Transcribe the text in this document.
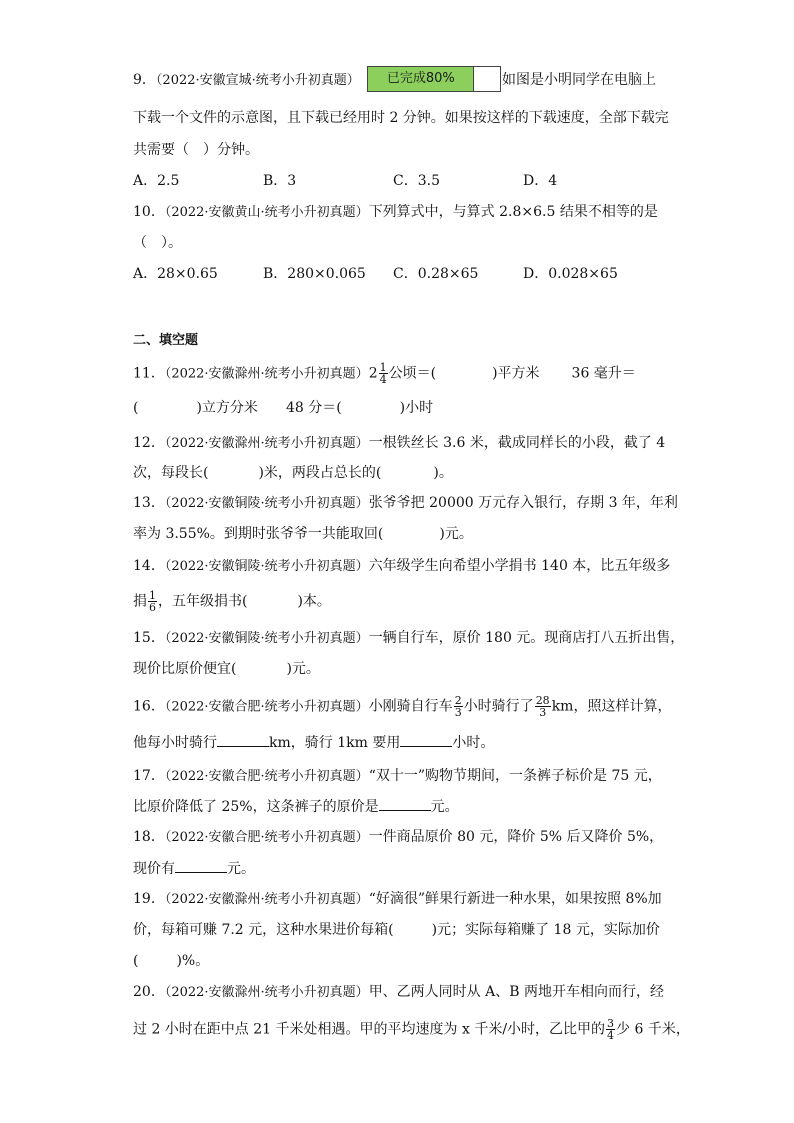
9．（2022·安徽宣城·统考小升初真题）	已完成80%	如图是小明同学在电脑上
下载一个文件的示意图，且下载已经用时 2 分钟。如果按这样的下载速度，全部下载完
共需要（　）分钟。
A．2.5	B．3	C．3.5	D．4
10．（2022·安徽黄山·统考小升初真题）下列算式中，与算式 2.8×6.5 结果不相等的是
（　）。
A．28×0.65	B．280×0.065	C．0.28×65	D．0.028×65
二、填空题
11．（2022·安徽滁州·统考小升初真题）$2 \frac{1}{4}$ 公顷＝(	)平方米 36 毫升＝
(	)立方分米 48 分＝(	)小时
12．（2022·安徽滁州·统考小升初真题）一根铁丝长 3.6 米，截成同样长的小段，截了 4
次，每段长(	)米，两段占总长的(	)。
13．（2022·安徽铜陵·统考小升初真题）张爷爷把 20000 万元存入银行，存期 3 年，年利
率为 3.55%。到期时张爷爷一共能取回(	)元。
14．（2022·安徽铜陵·统考小升初真题）六年级学生向希望小学捐书 140 本，比五年级多
捐 $\frac{1}{6}$ ，五年级捐书(	)本。
15．（2022·安徽铜陵·统考小升初真题）一辆自行车，原价 180 元。现商店打八五折出售，
现价比原价便宜(	)元。
16．（2022·安徽合肥·统考小升初真题）小刚骑自行车 $\frac{2}{3}$ 小时骑行了 $\frac{28}{3}$ km，照这样计算，
他每小时骑行	km，骑行 1km 要用	小时。
17．（2022·安徽合肥·统考小升初真题）“双十一”购物节期间，一条裤子标价是 75 元，
比原价降低了 25%，这条裤子的原价是	元。
18．（2022·安徽合肥·统考小升初真题）一件商品原价 80 元，降价 5% 后又降价 5%，
现价有	元。
19．（2022·安徽滁州·统考小升初真题）“好滴很”鲜果行新进一种水果，如果按照 8%加
价，每箱可赚 7.2 元，这种水果进价每箱(	)元；实际每箱赚了 18 元，实际加价
(	)%。
20．（2022·安徽滁州·统考小升初真题）甲、乙两人同时从 A、B 两地开车相向而行，经
过 2 小时在距中点 21 千米处相遇。甲的平均速度为 x 千米/小时，乙比甲的 $\frac{3}{4}$ 少 6 千米，
